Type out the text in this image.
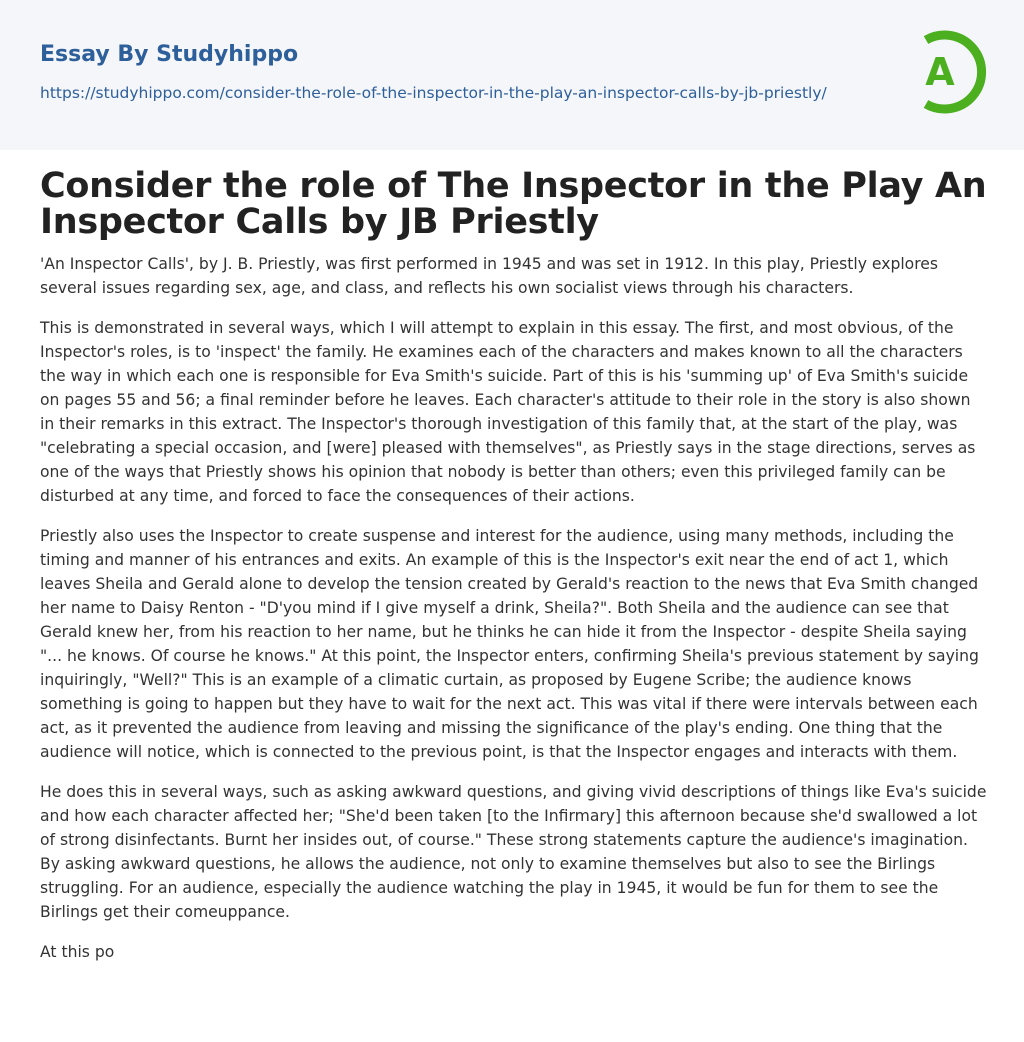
Essay By Studyhippo
https://studyhippo.com/consider-the-role-of-the-inspector-in-the-play-an-inspector-calls-by-jb-priestly/	A
Consider the role of The Inspector in the Play An Inspector Calls by JB Priestly

'An Inspector Calls', by J. B. Priestly, was first performed in 1945 and was set in 1912. In this play, Priestly explores several issues regarding sex, age, and class, and reflects his own socialist views through his characters.

This is demonstrated in several ways, which I will attempt to explain in this essay. The first, and most obvious, of the Inspector's roles, is to 'inspect' the family. He examines each of the characters and makes known to all the characters the way in which each one is responsible for Eva Smith's suicide. Part of this is his 'summing up' of Eva Smith's suicide on pages 55 and 56; a final reminder before he leaves. Each character's attitude to their role in the story is also shown in their remarks in this extract. The Inspector's thorough investigation of this family that, at the start of the play, was "celebrating a special occasion, and [were] pleased with themselves", as Priestly says in the stage directions, serves as one of the ways that Priestly shows his opinion that nobody is better than others; even this privileged family can be disturbed at any time, and forced to face the consequences of their actions.

Priestly also uses the Inspector to create suspense and interest for the audience, using many methods, including the timing and manner of his entrances and exits. An example of this is the Inspector's exit near the end of act 1, which leaves Sheila and Gerald alone to develop the tension created by Gerald's reaction to the news that Eva Smith changed her name to Daisy Renton - "D'you mind if I give myself a drink, Sheila?". Both Sheila and the audience can see that Gerald knew her, from his reaction to her name, but he thinks he can hide it from the Inspector - despite Sheila saying "... he knows. Of course he knows." At this point, the Inspector enters, confirming Sheila's previous statement by saying inquiringly, "Well?" This is an example of a climatic curtain, as proposed by Eugene Scribe; the audience knows something is going to happen but they have to wait for the next act. This was vital if there were intervals between each act, as it prevented the audience from leaving and missing the significance of the play's ending. One thing that the audience will notice, which is connected to the previous point, is that the Inspector engages and interacts with them.

He does this in several ways, such as asking awkward questions, and giving vivid descriptions of things like Eva's suicide and how each character affected her; "She'd been taken [to the Infirmary] this afternoon because she'd swallowed a lot of strong disinfectants. Burnt her insides out, of course." These strong statements capture the audience's imagination. By asking awkward questions, he allows the audience, not only to examine themselves but also to see the Birlings struggling. For an audience, especially the audience watching the play in 1945, it would be fun for them to see the Birlings get their comeuppance.

At this po
